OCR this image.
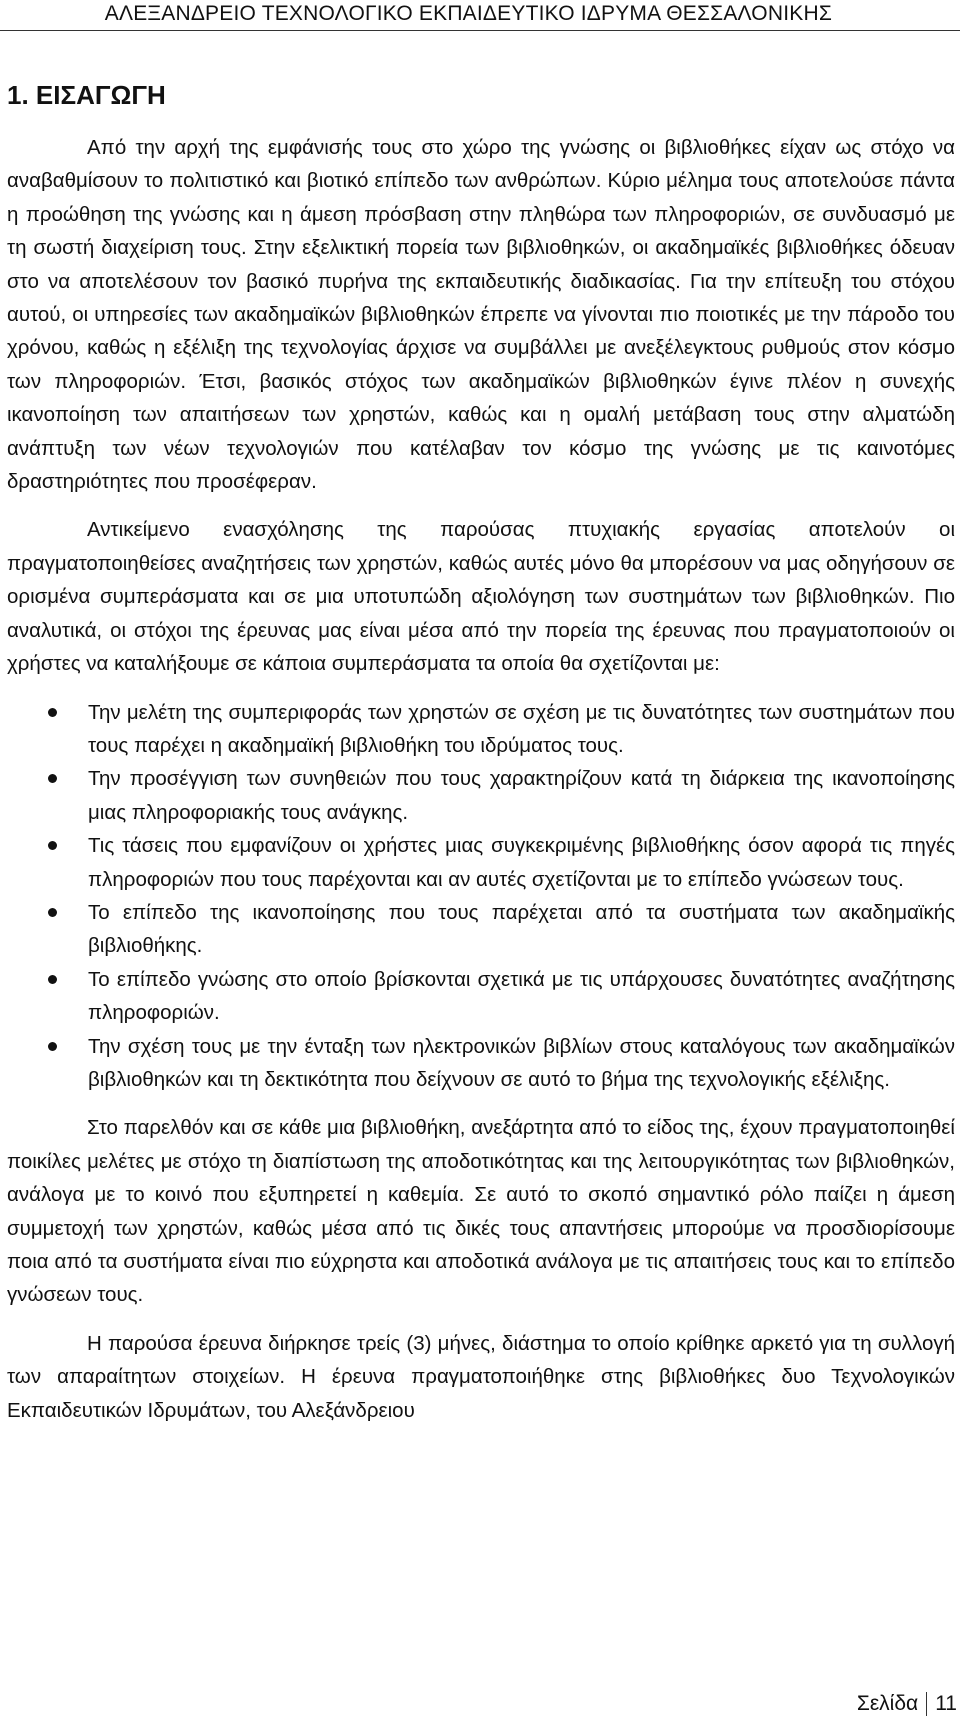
ΑΛΕΞΑΝΔΡΕΙΟ ΤΕΧΝΟΛΟΓΙΚΟ ΕΚΠΑΙΔΕΥΤΙΚΟ ΙΔΡΥΜΑ ΘΕΣΣΑΛΟΝΙΚΗΣ
1. ΕΙΣΑΓΩΓΗ

Από την αρχή της εμφάνισής τους στο χώρο της γνώσης οι βιβλιοθήκες είχαν ως στόχο να αναβαθμίσουν το πολιτιστικό και βιοτικό επίπεδο των ανθρώπων. Κύριο μέλημα τους αποτελούσε πάντα η προώθηση της γνώσης και η άμεση πρόσβαση στην πληθώρα των πληροφοριών, σε συνδυασμό με τη σωστή διαχείριση τους. Στην εξελικτική πορεία των βιβλιοθηκών, οι ακαδημαϊκές βιβλιοθήκες όδευαν στο να αποτελέσουν τον βασικό πυρήνα της εκπαιδευτικής διαδικασίας. Για την επίτευξη του στόχου αυτού, οι υπηρεσίες των ακαδημαϊκών βιβλιοθηκών έπρεπε να γίνονται πιο ποιοτικές με την πάροδο του χρόνου, καθώς η εξέλιξη της τεχνολογίας άρχισε να συμβάλλει με ανεξέλεγκτους ρυθμούς στον κόσμο των πληροφοριών. Έτσι, βασικός στόχος των ακαδημαϊκών βιβλιοθηκών έγινε πλέον η συνεχής ικανοποίηση των απαιτήσεων των χρηστών, καθώς και η ομαλή μετάβαση τους στην αλματώδη ανάπτυξη των νέων τεχνολογιών που κατέλαβαν τον κόσμο της γνώσης με τις καινοτόμες δραστηριότητες που προσέφεραν.

Αντικείμενο ενασχόλησης της παρούσας πτυχιακής εργασίας αποτελούν οι πραγματοποιηθείσες αναζητήσεις των χρηστών, καθώς αυτές μόνο θα μπορέσουν να μας οδηγήσουν σε ορισμένα συμπεράσματα και σε μια υποτυπώδη αξιολόγηση των συστημάτων των βιβλιοθηκών. Πιο αναλυτικά, οι στόχοι της έρευνας μας είναι μέσα από την πορεία της έρευνας που πραγματοποιούν οι χρήστες να καταλήξουμε σε κάποια συμπεράσματα τα οποία θα σχετίζονται με:

Την μελέτη της συμπεριφοράς των χρηστών σε σχέση με τις δυνατότητες των συστημάτων που τους παρέχει η ακαδημαϊκή βιβλιοθήκη του ιδρύματος τους.
Την προσέγγιση των συνηθειών που τους χαρακτηρίζουν κατά τη διάρκεια της ικανοποίησης μιας πληροφοριακής τους ανάγκης.
Τις τάσεις που εμφανίζουν οι χρήστες μιας συγκεκριμένης βιβλιοθήκης όσον αφορά τις πηγές πληροφοριών που τους παρέχονται και αν αυτές σχετίζονται με το επίπεδο γνώσεων τους.
Το επίπεδο της ικανοποίησης που τους παρέχεται από τα συστήματα των ακαδημαϊκής βιβλιοθήκης.
Το επίπεδο γνώσης στο οποίο βρίσκονται σχετικά με τις υπάρχουσες δυνατότητες αναζήτησης πληροφοριών.
Την σχέση τους με την ένταξη των ηλεκτρονικών βιβλίων στους καταλόγους των ακαδημαϊκών βιβλιοθηκών και τη δεκτικότητα που δείχνουν σε αυτό το βήμα της τεχνολογικής εξέλιξης.

Στο παρελθόν και σε κάθε μια βιβλιοθήκη, ανεξάρτητα από το είδος της, έχουν πραγματοποιηθεί ποικίλες μελέτες με στόχο τη διαπίστωση της αποδοτικότητας και της λειτουργικότητας των βιβλιοθηκών, ανάλογα με το κοινό που εξυπηρετεί η καθεμία. Σε αυτό το σκοπό σημαντικό ρόλο παίζει η άμεση συμμετοχή των χρηστών, καθώς μέσα από τις δικές τους απαντήσεις μπορούμε να προσδιορίσουμε ποια από τα συστήματα είναι πιο εύχρηστα και αποδοτικά ανάλογα με τις απαιτήσεις τους και το επίπεδο γνώσεων τους.

Η παρούσα έρευνα διήρκησε τρείς (3) μήνες, διάστημα το οποίο κρίθηκε αρκετό για τη συλλογή των απαραίτητων στοιχείων. Η έρευνα πραγματοποιήθηκε στης βιβλιοθήκες δυο Τεχνολογικών Εκπαιδευτικών Ιδρυμάτων, του Αλεξάνδρειου

Σελίδα 11
